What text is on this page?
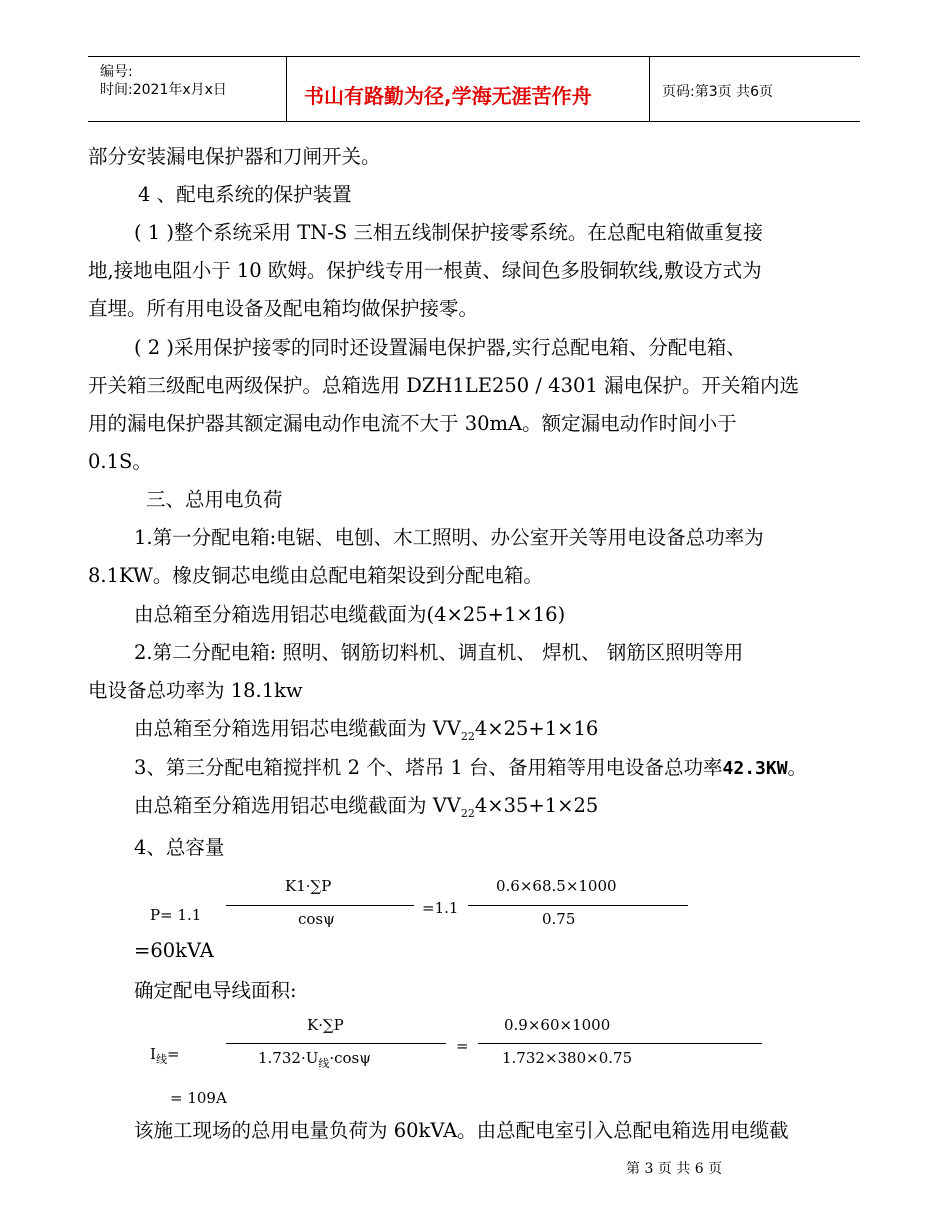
编号:
时间:2021年x月x日	书山有路勤为径,学海无涯苦作舟	页码:第3页 共6页
部分安装漏电保护器和刀闸开关。
4 、配电系统的保护装置
( 1 )整个系统采用 TN-S 三相五线制保护接零系统。在总配电箱做重复接
地,接地电阻小于 10 欧姆。保护线专用一根黄、绿间色多股铜软线,敷设方式为
直埋。所有用电设备及配电箱均做保护接零。
( 2 )采用保护接零的同时还设置漏电保护器,实行总配电箱、分配电箱、
开关箱三级配电两级保护。总箱选用 DZH1LE250 / 4301 漏电保护。开关箱内选
用的漏电保护器其额定漏电动作电流不大于 30mA。额定漏电动作时间小于
0.1S。
三、总用电负荷
1.第一分配电箱:电锯、电刨、木工照明、办公室开关等用电设备总功率为
8.1KW。橡皮铜芯电缆由总配电箱架设到分配电箱。
由总箱至分箱选用铝芯电缆截面为(4×25+1×16)
2.第二分配电箱: 照明、钢筋切料机、调直机、 焊机、 钢筋区照明等用
电设备总功率为 18.1kw
由总箱至分箱选用铝芯电缆截面为 $VV_{22}4\times 25+1\times 16$
3、第三分配电箱搅拌机 2 个、塔吊 1 台、备用箱等用电设备总功率42.3KW。
由总箱至分箱选用铝芯电缆截面为 $VV_{22}4\times 35+1\times 25$
4、总容量
P= 1.1
K1·∑P
cosψ
=1.1
0.6×68.5×1000
0.75
=60kVA
确定配电导线面积:
$I_线=$
K·∑P
$1.732\cdot U_线\cdot\cos\psi$
=
0.9×60×1000
1.732×380×0.75
= 109A
该施工现场的总用电量负荷为 60kVA。由总配电室引入总配电箱选用电缆截
第 3 页 共 6 页
